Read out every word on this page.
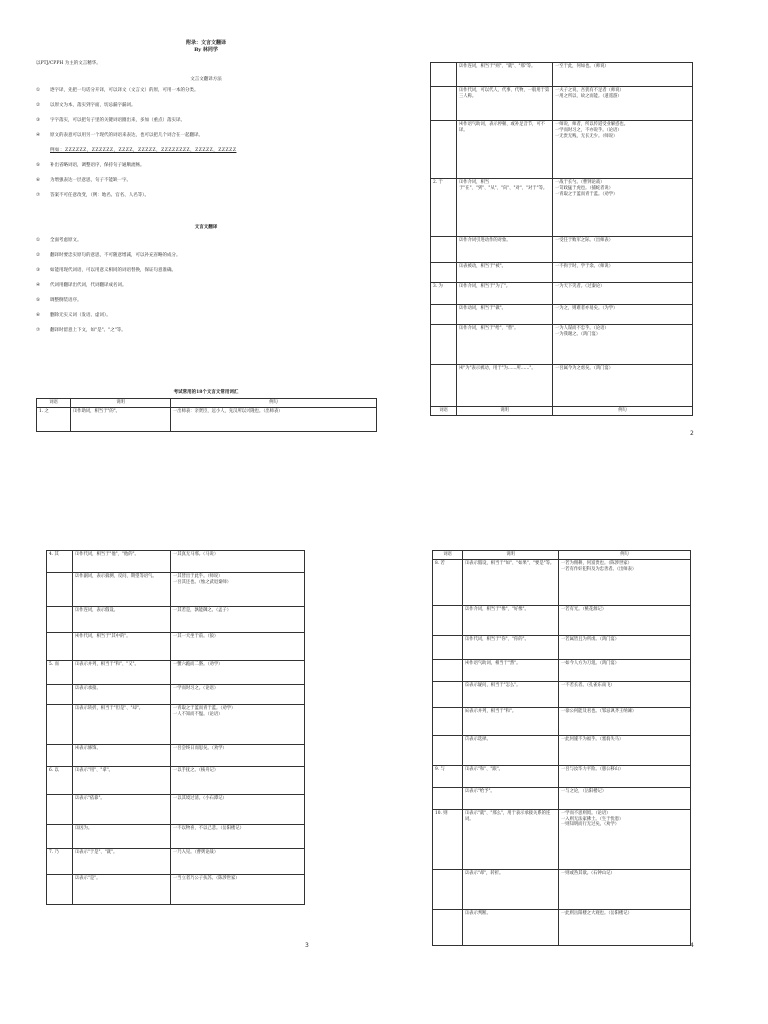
附录：文言文翻译
By 林同学
以PTJ/CPPH 为主的文言精华。
文言文翻译方法
① 逐字译，先把一句话分开译，可以译文（文言文）的原，可用一本的分类。
② 以原文为本，落实到字面，切忌漏字漏词。
③ 字字落实，可以把句子里的关键词语圈出来，多加（重点）落实译。
④ 原文的表意可以用另一个现代的词语来表达，也可以把几个词合在一起翻译。
例如：ZZZZZZ，ZZZZZZ，ZZZZ，ZZZZZ，ZZZZZZZZ，ZZZZZ，ZZZZZ
⑤ 补出省略词语，调整语序，保持句子通顺流畅。
⑥ 为增强表达一层意思，句子不能缺一字。
⑦ 答案不可任意改变，（例：地名、官名、人名等）。
文言文翻译
① 全面考虑原文。
② 翻译时要忠实原句的意思，不可随意增减，可以补充省略的成分。
③ 如能用现代词语，可以用意义相同的词语替换，保证句意准确。
④ 代词用翻译出代词，代词翻译成名词。
⑤ 调整倒装语序。
⑥ 删除无实义词（发语、虚词）。
⑦ 翻译时留意上下文，如"是"、"之"等。
考试常用的18个文言文常用词汇
词语	说明	例句
1. 之	⑴作助词，相当于"的"。	一出师表：亲贤臣，远小人，先汉所以兴隆也。（出师表）
	⑵作连词，相当于"则"、"就"、"那"等。	一至于此，何如也。（师说）
	⑶作代词，可以代人、代事、代物，一般用于第三人称。	一夫子之说，吾犹有不足者（师说）
一用之所以、故之而能。（逍遥游）
	⑷作语气助词，表示停顿、或补足音节，可不译。	一师说，师者，所以传道受业解惑也。
一学而时习之，不亦说乎。（论语）
一无贵无贱，无长无少。（师说）
2. 于	⑴作介词，相当于"在"、"到"、"从"、"向"、"对"、"对于"等。	一战于长勺。（曹刿论战）
一苛政猛于虎也。（捕蛇者说）
一青取之于蓝而青于蓝。（劝学）
	⑵作介词引进动作的对象。	一受任于败军之际。（出师表）
	⑶表被动，相当于"被"。	一不拘于时，学于余。（师说）
3. 为	⑴作介词，相当于"为了"。	一为天下笑者。（过秦论）
	⑵作动词，相当于"做"。	一为之，则难者亦易矣。（为学）
	⑶作介词，相当于"给"、"替"。	一为人谋而不忠乎。（论语）
一为我谢之。（鸿门宴）
	⑷"为"表示被动，用于"为……所……"。	一吾属今为之虏矣。（鸿门宴）
词语	说明	例句
2
4. 其	⑴作代词，相当于"他"、"他的"。	一其真无马邪。（马说）
	⑵作副词，表示揣测、反问、期望等语气。	一其皆出于此乎。（师说）
一吾其还也。（烛之武退秦师）
	⑶作连词，表示假设。	一其若是，孰能御之。（孟子）
	⑷作代词，相当于"其中的"。	一其一犬坐于前。（狼）
5. 而	⑴表示并列，相当于"和"、"又"。	一蟹六跪而二螯。（劝学）
	⑵表示承接。	一学而时习之。（论语）
	⑶表示转折，相当于"但是"、"却"。	一青取之于蓝而青于蓝。（劝学）
一人不知而不愠。（论语）
	⑷表示修饰。	一吾尝终日而思矣。（劝学）
6. 以	⑴表示"用"、"拿"。	一以手抚之。（核舟记）
	⑵表示"依靠"。	一以其境过清。（小石潭记）
	⑶因为。	一不以物喜，不以己悲。（岳阳楼记）
7. 乃	⑴表示"于是"、"就"。	一乃入见。（曹刿论战）
	⑵表示"是"。	一当立者乃公子扶苏。（陈涉世家）
3
词语	说明	例句
8. 若	⑴表示假设，相当于"如"、"如果"、"要是"等。	一若为佣耕，何富贵也。（陈涉世家）
一若有作奸犯科及为忠善者。（出师表）
	⑵作介词，相当于"像"、"好像"。	一若有光。（桃花源记）
	⑶作代词，相当于"你"、"你的"。	一若属皆且为所虏。（鸿门宴）
	⑷作语气助词，相当于"然"。	一如今人方为刀俎。（鸿门宴）
	⑸表示疑问，相当于"怎么"。	一不若长者。（孔雀东南飞）
	⑹表示并列，相当于"和"。	一徐公何能及君也。（邹忌讽齐王纳谏）
	⑺表示选择。	一此何遽不为福乎。（塞翁失马）
9. 与	⑴表示"和"、"跟"。	一吾与汝毕力平险。（愚公移山）
	⑵表示"给予"。	一与之论，（岳阳楼记）
10. 则	⑴表示"就"、"那么"，用于表示承接关系的连词。	一学而不思则罔。（论语）
一入则无法家拂士。（生于忧患）
一则知明而行无过矣。（劝学）
	⑵表示"却"，转折。	一则或咎其欲。（石钟山记）
	⑶表示判断。	一此则岳阳楼之大观也。（岳阳楼记）
4
